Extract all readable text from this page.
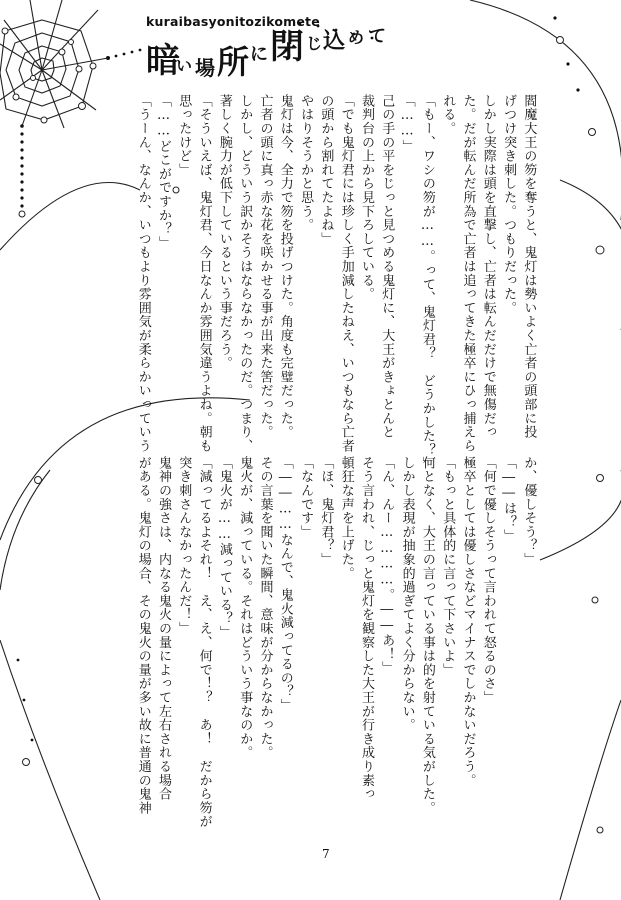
kuraibasyonitozikomete
暗
い 場 所 に 閉 じ 込 め て
閻魔大王の笏を奪うと、鬼灯は勢いよく亡者の頭部に投
げつけ突き刺した。つもりだった。
しかし実際は頭を直撃し、亡者は転んだだけで無傷だっ
た。だが転んだ所為で亡者は追ってきた極卒にひっ捕えら
れる。
「もー、ワシの笏が……。って、鬼灯君？　どうかした？」
「……」
己の手の平をじっと見つめる鬼灯に、大王がきょとんと
裁判台の上から見下ろしている。
「でも鬼灯君には珍しく手加減したねえ、いつもなら亡者
の頭から割れてたよね」
やはりそうかと思う。
鬼灯は今、全力で笏を投げつけた。角度も完璧だった。
亡者の頭に真っ赤な花を咲かせる事が出来た筈だった。
しかし、どういう訳かそうはならなかったのだ。つまり、
著しく腕力が低下しているという事だろう。
「そういえば、鬼灯君、今日なんか雰囲気違うよね。朝も
思ったけど」
「……どこがですか？」
「うーん、なんか、いつもより雰囲気が柔らかいっていう
か、優しそう？」
「――は？」
「何で優しそうって言われて怒るのさ」
極卒としては優しさなどマイナスでしかないだろう。
「もっと具体的に言って下さいよ」
何となく、大王の言っている事は的を射ている気がした。
しかし表現が抽象的過ぎてよく分からない。
「ん、んー…………。――あ！」
そう言われ、じっと鬼灯を観察した大王が行き成り素っ
頓狂な声を上げた。
「ほ、鬼灯君？」
「なんです」
「――……なんで、鬼火減ってるの？」
その言葉を聞いた瞬間、意味が分からなかった。
鬼火が、減っている。それはどういう事なのか。
「鬼火が……減っている？」
「減ってるよそれ！　え、え、何で！？　あ！　だから笏が
突き刺さんなかったんだ！」
鬼神の強さは、内なる鬼火の量によって左右される場合
がある。鬼灯の場合、その鬼火の量が多い故に普通の鬼神
7
